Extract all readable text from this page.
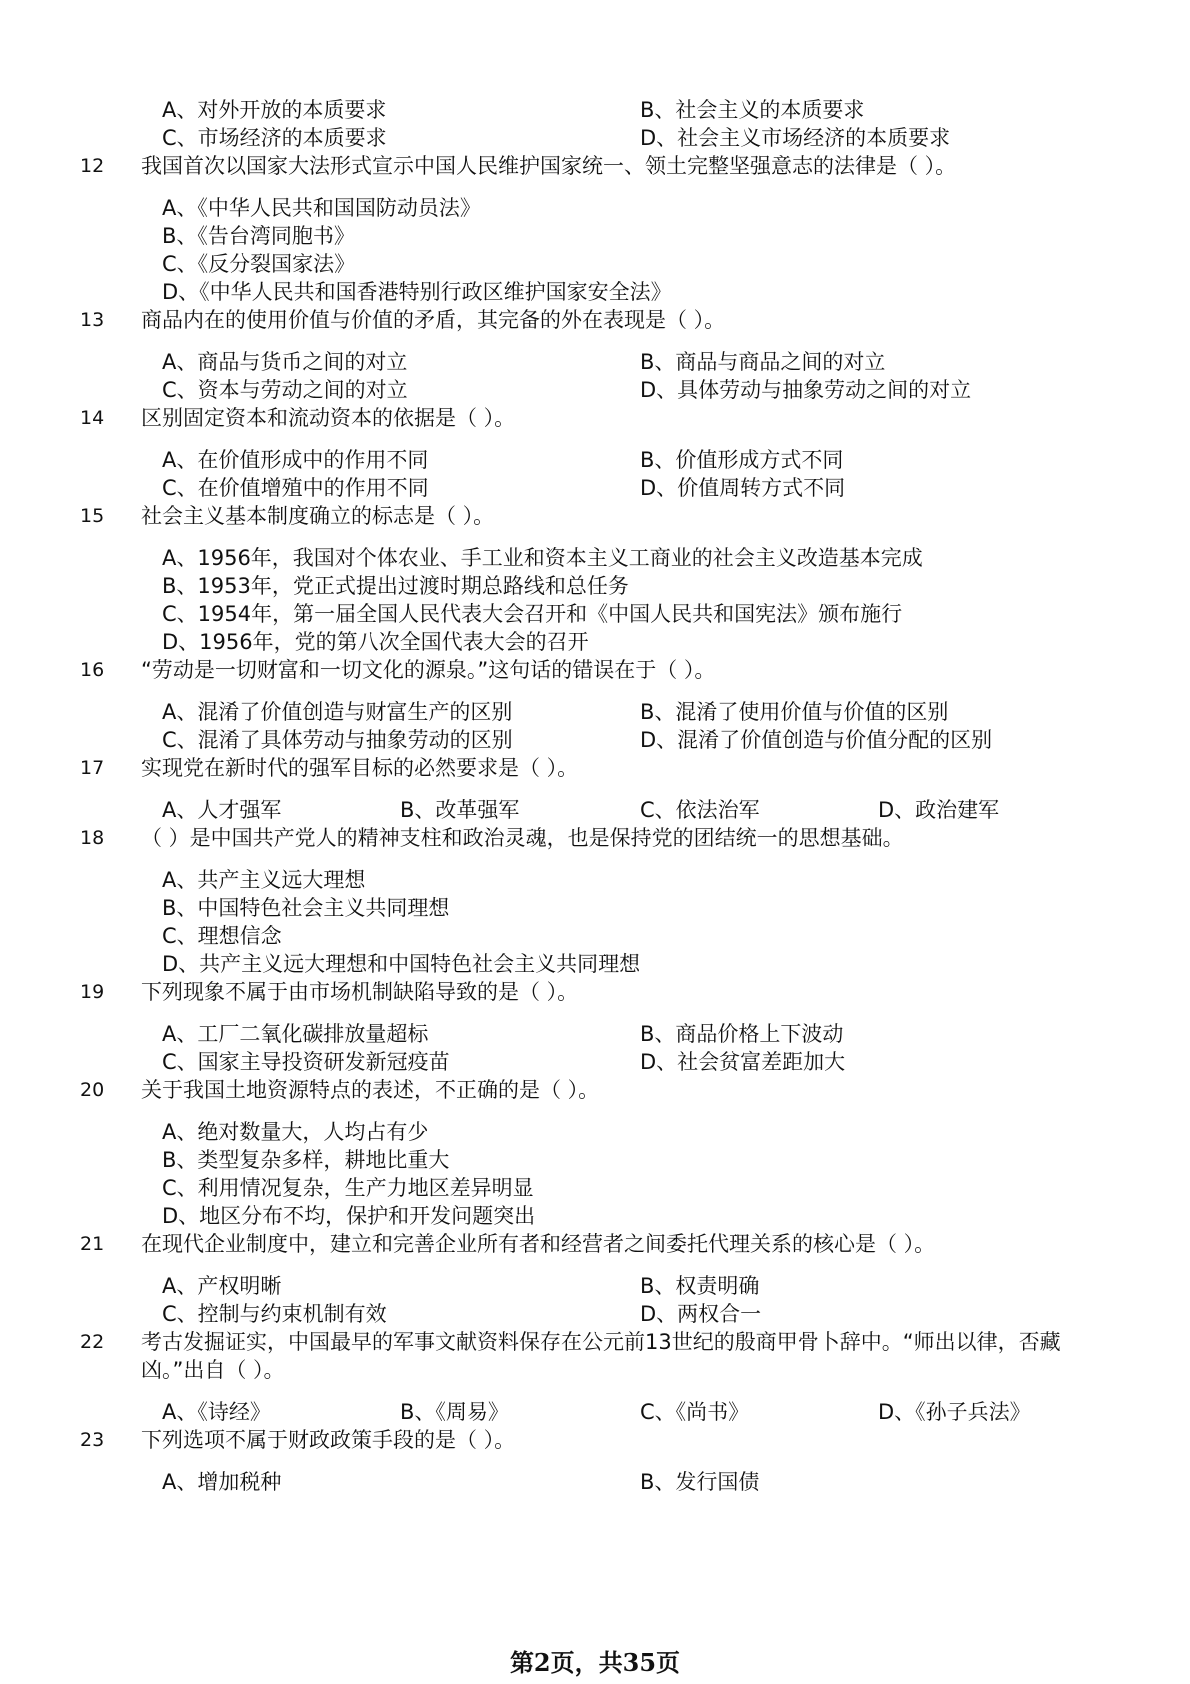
A、对外开放的本质要求	B、社会主义的本质要求
C、市场经济的本质要求	D、社会主义市场经济的本质要求
12 我国首次以国家大法形式宣示中国人民维护国家统一、领土完整坚强意志的法律是（ ）。
A、《中华人民共和国国防动员法》
B、《告台湾同胞书》
C、《反分裂国家法》
D、《中华人民共和国香港特别行政区维护国家安全法》
13 商品内在的使用价值与价值的矛盾，其完备的外在表现是（ ）。
A、商品与货币之间的对立	B、商品与商品之间的对立
C、资本与劳动之间的对立	D、具体劳动与抽象劳动之间的对立
14 区别固定资本和流动资本的依据是（ ）。
A、在价值形成中的作用不同	B、价值形成方式不同
C、在价值增殖中的作用不同	D、价值周转方式不同
15 社会主义基本制度确立的标志是（ ）。
A、1956年，我国对个体农业、手工业和资本主义工商业的社会主义改造基本完成
B、1953年，党正式提出过渡时期总路线和总任务
C、1954年，第一届全国人民代表大会召开和《中国人民共和国宪法》颁布施行
D、1956年，党的第八次全国代表大会的召开
16 “劳动是一切财富和一切文化的源泉。”这句话的错误在于（ ）。
A、混淆了价值创造与财富生产的区别	B、混淆了使用价值与价值的区别
C、混淆了具体劳动与抽象劳动的区别	D、混淆了价值创造与价值分配的区别
17 实现党在新时代的强军目标的必然要求是（ ）。
A、人才强军	B、改革强军	C、依法治军	D、政治建军
18 （ ）是中国共产党人的精神支柱和政治灵魂，也是保持党的团结统一的思想基础。
A、共产主义远大理想
B、中国特色社会主义共同理想
C、理想信念
D、共产主义远大理想和中国特色社会主义共同理想
19 下列现象不属于由市场机制缺陷导致的是（ ）。
A、工厂二氧化碳排放量超标	B、商品价格上下波动
C、国家主导投资研发新冠疫苗	D、社会贫富差距加大
20 关于我国土地资源特点的表述，不正确的是（ ）。
A、绝对数量大，人均占有少
B、类型复杂多样，耕地比重大
C、利用情况复杂，生产力地区差异明显
D、地区分布不均，保护和开发问题突出
21 在现代企业制度中，建立和完善企业所有者和经营者之间委托代理关系的核心是（ ）。
A、产权明晰	B、权责明确
C、控制与约束机制有效	D、两权合一
22 考古发掘证实，中国最早的军事文献资料保存在公元前13世纪的殷商甲骨卜辞中。“师出以律，否藏
凶。”出自（ ）。
A、《诗经》	B、《周易》	C、《尚书》	D、《孙子兵法》
23 下列选项不属于财政政策手段的是（ ）。
A、增加税种	B、发行国债
第2页，共35页
